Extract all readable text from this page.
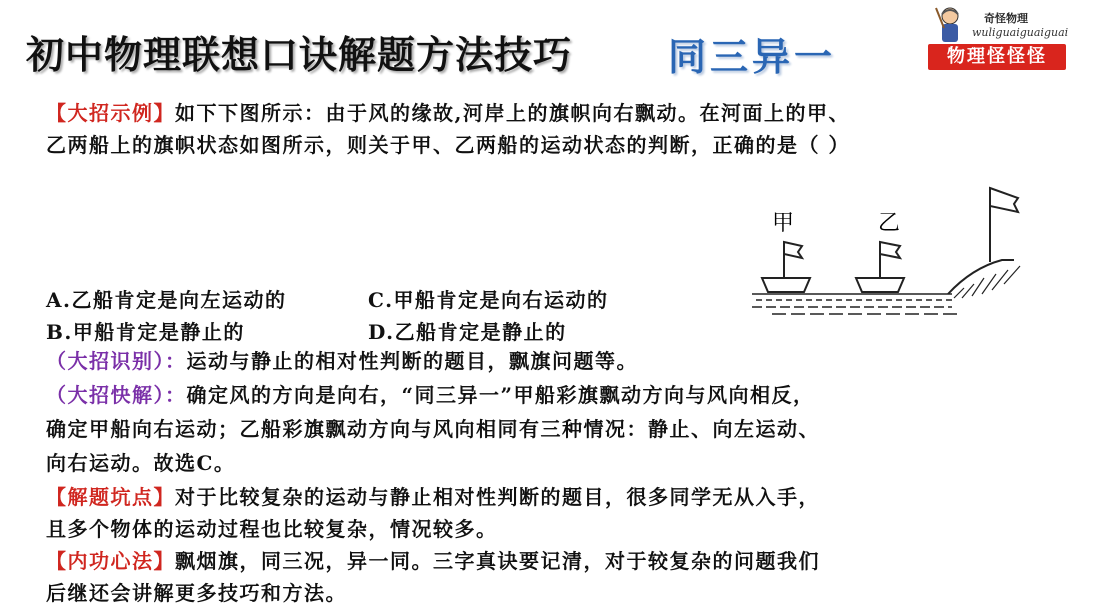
初中物理联想口诀解题方法技巧	同三异一
奇怪物理
wuliguaiguaiguai
物理怪怪怪
【大招示例】如下下图所示：由于风的缘故,河岸上的旗帜向右飘动。在河面上的甲、
乙两船上的旗帜状态如图所示，则关于甲、乙两船的运动状态的判断，正确的是（ ）
甲	乙
A.乙船肯定是向左运动的	C.甲船肯定是向右运动的
B.甲船肯定是静止的	D.乙船肯定是静止的
（大招识别）：运动与静止的相对性判断的题目，飘旗问题等。
（大招快解）：确定风的方向是向右，“同三异一”甲船彩旗飘动方向与风向相反，
确定甲船向右运动；乙船彩旗飘动方向与风向相同有三种情况：静止、向左运动、
向右运动。故选C。
【解题坑点】对于比较复杂的运动与静止相对性判断的题目，很多同学无从入手，
且多个物体的运动过程也比较复杂，情况较多。
【内功心法】飘烟旗，同三况，异一同。三字真诀要记清，对于较复杂的问题我们
后继还会讲解更多技巧和方法。
